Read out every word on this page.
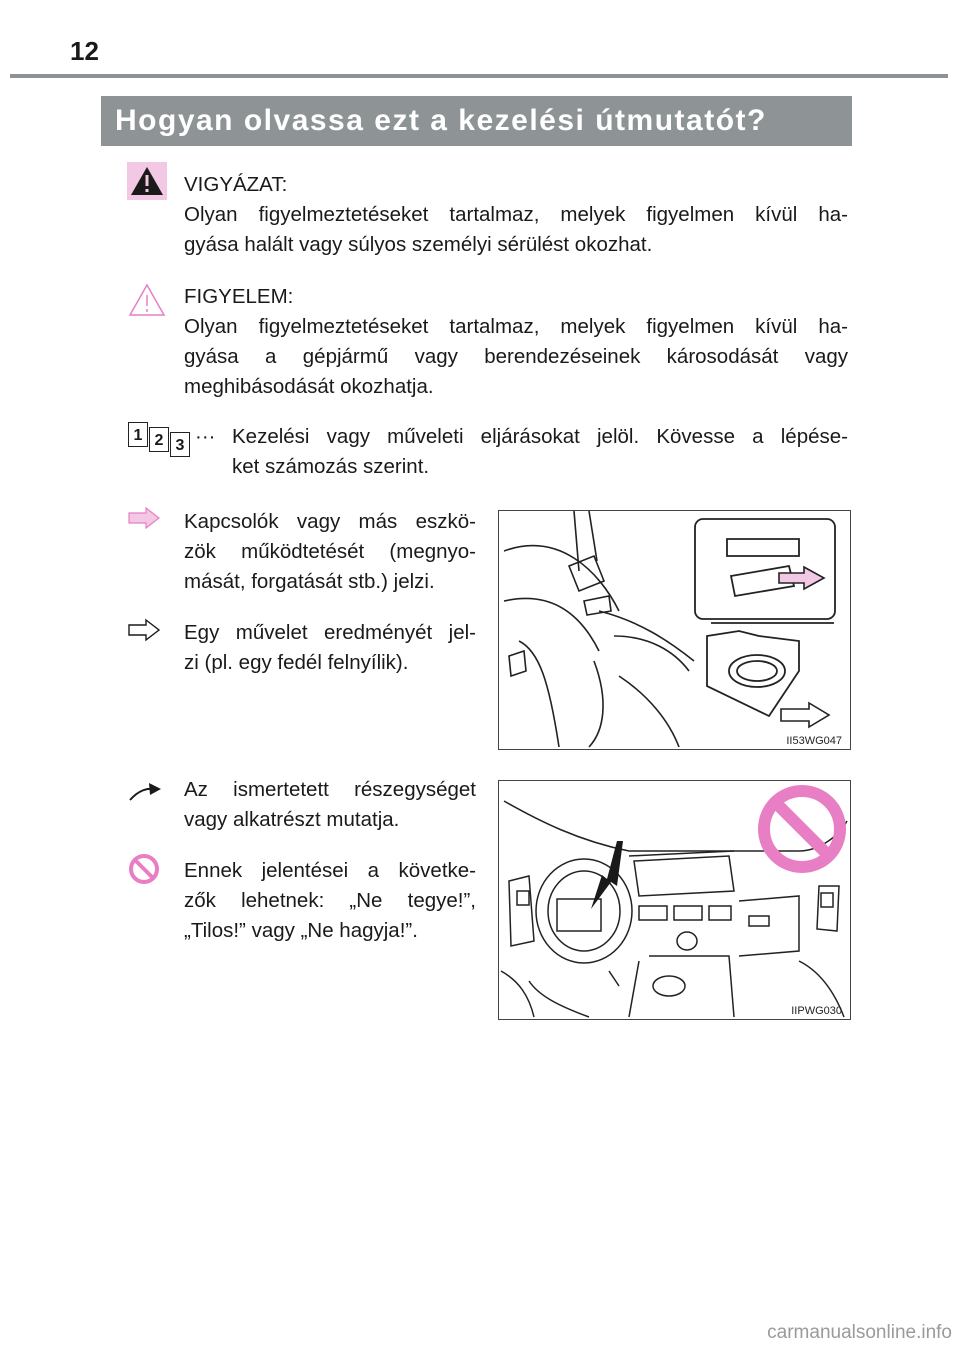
12
Hogyan olvassa ezt a kezelési útmutatót?
VIGYÁZAT:
Olyan figyelmeztetéseket tartalmaz, melyek figyelmen kívül ha-
gyása halált vagy súlyos személyi sérülést okozhat.
FIGYELEM:
Olyan figyelmeztetéseket tartalmaz, melyek figyelmen kívül ha-
gyása a gépjármű vagy berendezéseinek károsodását vagy
meghibásodását okozhatja.
1 2 3 ··· Kezelési vagy műveleti eljárásokat jelöl. Kövesse a lépése-
ket számozás szerint.
Kapcsolók vagy más eszkö-
zök működtetését (megnyo-
mását, forgatását stb.) jelzi.
Egy művelet eredményét jel-
zi (pl. egy fedél felnyílik).
II53WG047
Az ismertetett részegységet
vagy alkatrészt mutatja.
Ennek jelentései a követke-
zők lehetnek: „Ne tegye!”,
„Tilos!” vagy „Ne hagyja!”.
IIPWG030
carmanualsonline.info
